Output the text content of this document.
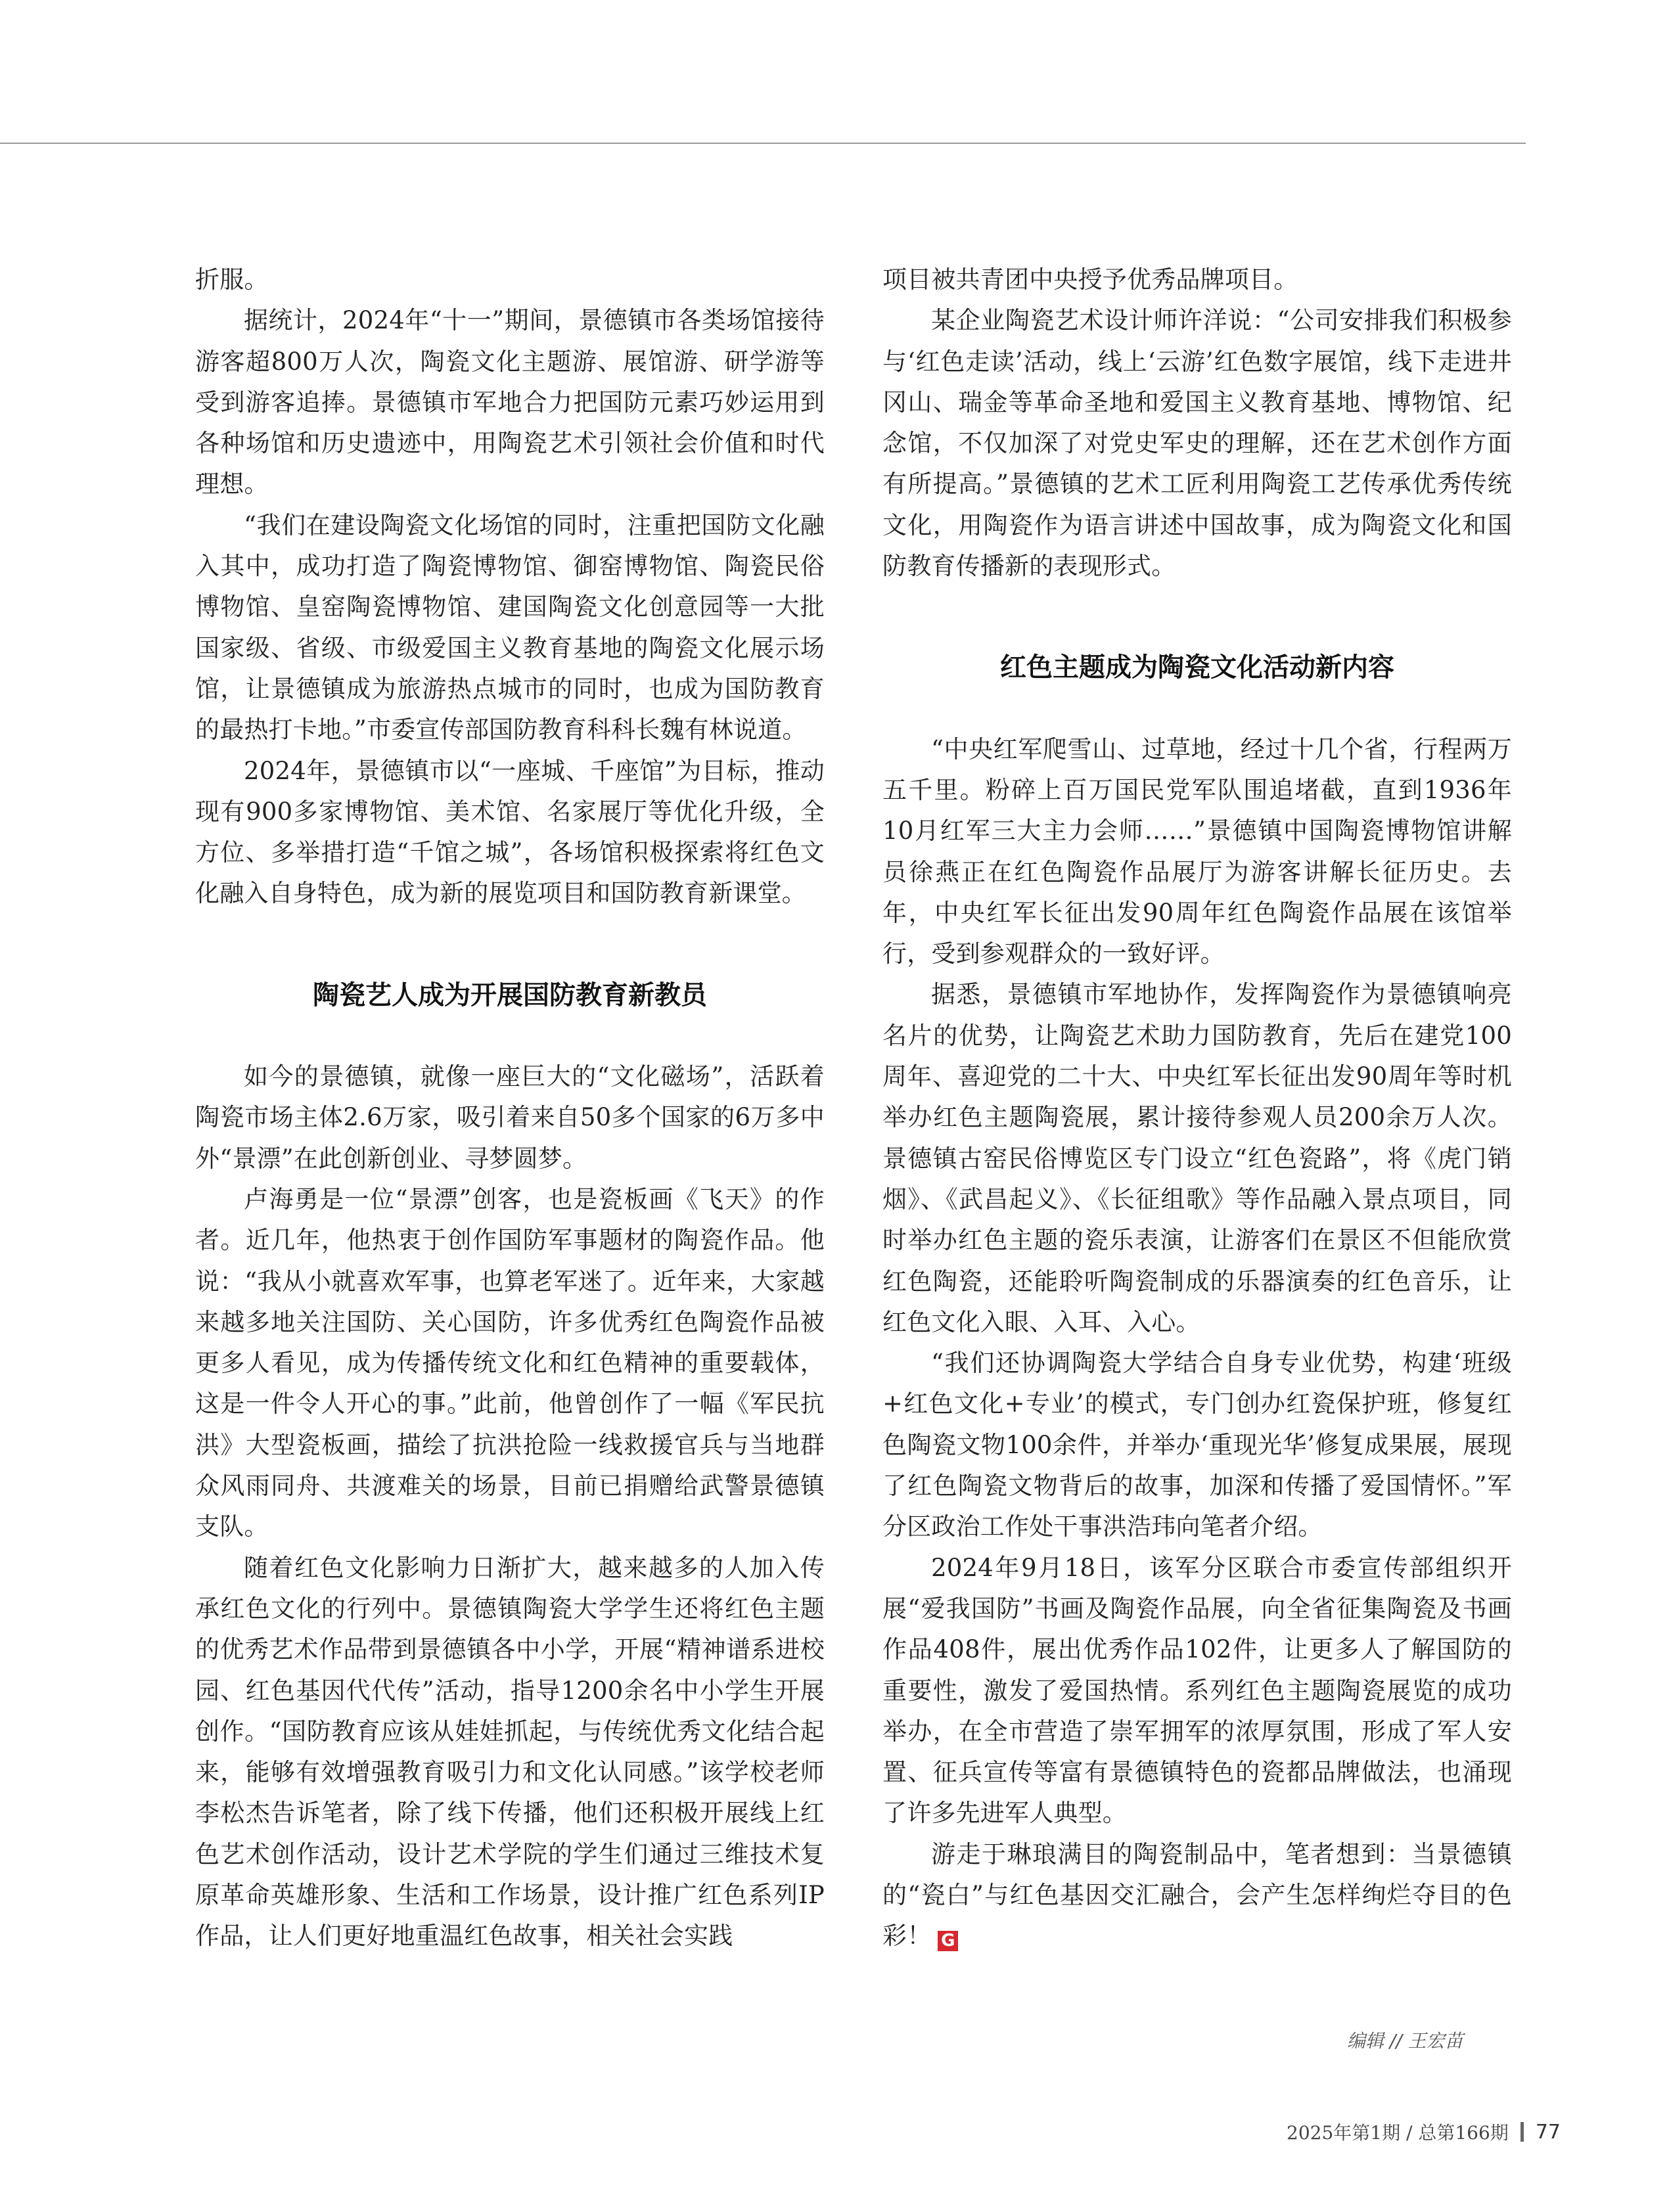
折服。

据统计，2024年“十一”期间，景德镇市各类场馆接待游客超800万人次，陶瓷文化主题游、展馆游、研学游等受到游客追捧。景德镇市军地合力把国防元素巧妙运用到各种场馆和历史遗迹中，用陶瓷艺术引领社会价值和时代理想。

“我们在建设陶瓷文化场馆的同时，注重把国防文化融入其中，成功打造了陶瓷博物馆、御窑博物馆、陶瓷民俗博物馆、皇窑陶瓷博物馆、建国陶瓷文化创意园等一大批国家级、省级、市级爱国主义教育基地的陶瓷文化展示场馆，让景德镇成为旅游热点城市的同时，也成为国防教育的最热打卡地。”市委宣传部国防教育科科长魏有林说道。

2024年，景德镇市以“一座城、千座馆”为目标，推动现有900多家博物馆、美术馆、名家展厅等优化升级，全方位、多举措打造“千馆之城”，各场馆积极探索将红色文化融入自身特色，成为新的展览项目和国防教育新课堂。

陶瓷艺人成为开展国防教育新教员

如今的景德镇，就像一座巨大的“文化磁场”，活跃着陶瓷市场主体2.6万家，吸引着来自50多个国家的6万多中外“景漂”在此创新创业、寻梦圆梦。

卢海勇是一位“景漂”创客，也是瓷板画《飞天》的作者。近几年，他热衷于创作国防军事题材的陶瓷作品。他说：“我从小就喜欢军事，也算老军迷了。近年来，大家越来越多地关注国防、关心国防，许多优秀红色陶瓷作品被更多人看见，成为传播传统文化和红色精神的重要载体，这是一件令人开心的事。”此前，他曾创作了一幅《军民抗洪》大型瓷板画，描绘了抗洪抢险一线救援官兵与当地群众风雨同舟、共渡难关的场景，目前已捐赠给武警景德镇支队。

随着红色文化影响力日渐扩大，越来越多的人加入传承红色文化的行列中。景德镇陶瓷大学学生还将红色主题的优秀艺术作品带到景德镇各中小学，开展“精神谱系进校园、红色基因代代传”活动，指导1200余名中小学生开展创作。“国防教育应该从娃娃抓起，与传统优秀文化结合起来，能够有效增强教育吸引力和文化认同感。”该学校老师李松杰告诉笔者，除了线下传播，他们还积极开展线上红色艺术创作活动，设计艺术学院的学生们通过三维技术复原革命英雄形象、生活和工作场景，设计推广红色系列IP作品，让人们更好地重温红色故事，相关社会实践

项目被共青团中央授予优秀品牌项目。

某企业陶瓷艺术设计师许洋说：“公司安排我们积极参与‘红色走读’活动，线上‘云游’红色数字展馆，线下走进井冈山、瑞金等革命圣地和爱国主义教育基地、博物馆、纪念馆，不仅加深了对党史军史的理解，还在艺术创作方面有所提高。”景德镇的艺术工匠利用陶瓷工艺传承优秀传统文化，用陶瓷作为语言讲述中国故事，成为陶瓷文化和国防教育传播新的表现形式。

红色主题成为陶瓷文化活动新内容

“中央红军爬雪山、过草地，经过十几个省，行程两万五千里。粉碎上百万国民党军队围追堵截，直到1936年10月红军三大主力会师……”景德镇中国陶瓷博物馆讲解员徐燕正在红色陶瓷作品展厅为游客讲解长征历史。去年，中央红军长征出发90周年红色陶瓷作品展在该馆举行，受到参观群众的一致好评。

据悉，景德镇市军地协作，发挥陶瓷作为景德镇响亮名片的优势，让陶瓷艺术助力国防教育，先后在建党100周年、喜迎党的二十大、中央红军长征出发90周年等时机举办红色主题陶瓷展，累计接待参观人员200余万人次。景德镇古窑民俗博览区专门设立“红色瓷路”，将《虎门销烟》、《武昌起义》、《长征组歌》等作品融入景点项目，同时举办红色主题的瓷乐表演，让游客们在景区不但能欣赏红色陶瓷，还能聆听陶瓷制成的乐器演奏的红色音乐，让红色文化入眼、入耳、入心。

“我们还协调陶瓷大学结合自身专业优势，构建‘班级+红色文化+专业’的模式，专门创办红瓷保护班，修复红色陶瓷文物100余件，并举办‘重现光华’修复成果展，展现了红色陶瓷文物背后的故事，加深和传播了爱国情怀。”军分区政治工作处干事洪浩玮向笔者介绍。

2024年9月18日，该军分区联合市委宣传部组织开展“爱我国防”书画及陶瓷作品展，向全省征集陶瓷及书画作品408件，展出优秀作品102件，让更多人了解国防的重要性，激发了爱国热情。系列红色主题陶瓷展览的成功举办，在全市营造了崇军拥军的浓厚氛围，形成了军人安置、征兵宣传等富有景德镇特色的瓷都品牌做法，也涌现了许多先进军人典型。

游走于琳琅满目的陶瓷制品中，笔者想到：当景德镇的“瓷白”与红色基因交汇融合，会产生怎样绚烂夺目的色彩！ G

编辑 // 王宏苗
2025年第1期 / 总第166期 77
